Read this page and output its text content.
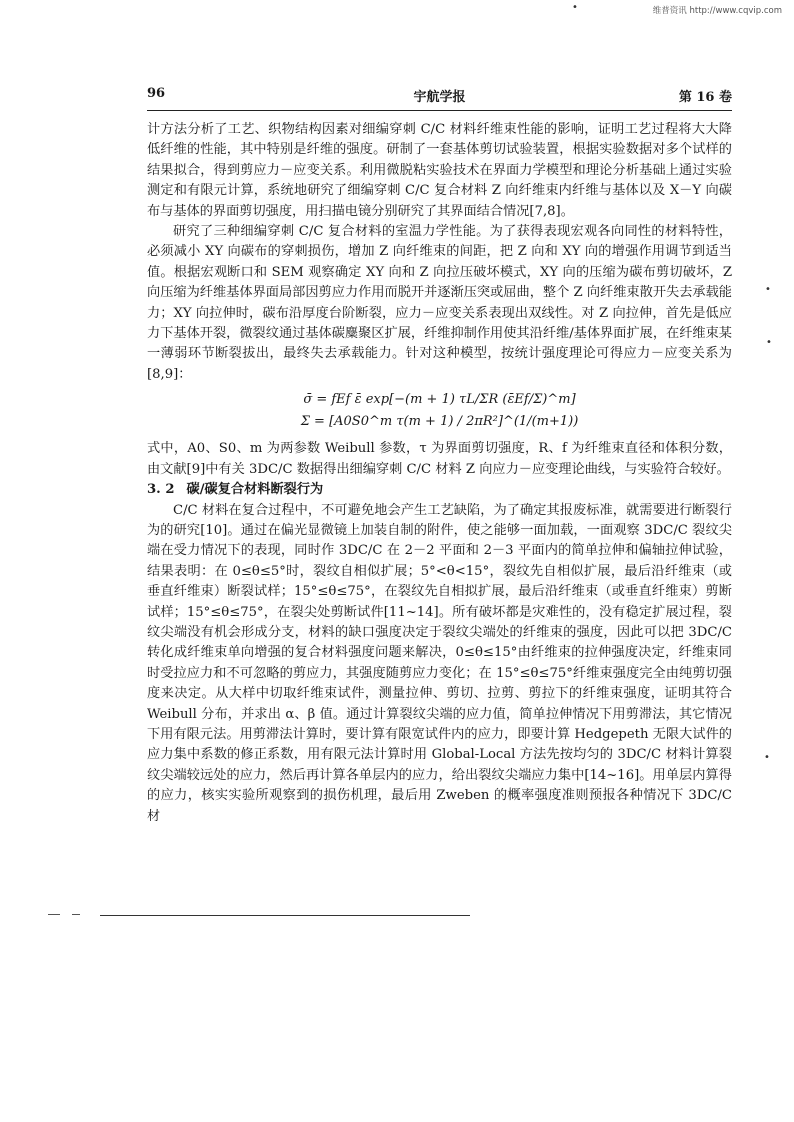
维普资讯 http://www.cqvip.com
宇航学报
96	第 16 卷

计方法分析了工艺、织物结构因素对细编穿刺 C/C 材料纤维束性能的影响，证明工艺过程将大大降低纤维的性能，其中特别是纤维的强度。研制了一套基体剪切试验装置，根据实验数据对多个试样的结果拟合，得到剪应力－应变关系。利用微脱粘实验技术在界面力学模型和理论分析基础上通过实验测定和有限元计算，系统地研究了细编穿刺 C/C 复合材料 Z 向纤维束内纤维与基体以及 X－Y 向碳布与基体的界面剪切强度，用扫描电镜分别研究了其界面结合情况[7,8]。

研究了三种细编穿刺 C/C 复合材料的室温力学性能。为了获得表现宏观各向同性的材料特性，必须减小 XY 向碳布的穿刺损伤，增加 Z 向纤维束的间距，把 Z 向和 XY 向的增强作用调节到适当值。根据宏观断口和 SEM 观察确定 XY 向和 Z 向拉压破坏模式，XY 向的压缩为碳布剪切破坏，Z 向压缩为纤维基体界面局部因剪应力作用而脱开并逐渐压突或屈曲，整个 Z 向纤维束散开失去承载能力；XY 向拉伸时，碳布沿厚度台阶断裂，应力－应变关系表现出双线性。对 Z 向拉伸，首先是低应力下基体开裂，微裂纹通过基体碳麋聚区扩展，纤维抑制作用使其沿纤维/基体界面扩展，在纤维束某一薄弱环节断裂拔出，最终失去承载能力。针对这种模型，按统计强度理论可得应力－应变关系为[8,9]：

σ̄ = fEf ε̄ exp[−(m + 1) τL/ΣR (ε̄Ef/Σ)^m]

Σ = [A0S0^m τ(m + 1) / 2πR²]^(1/(m+1))

式中，A0、S0、m 为两参数 Weibull 参数，τ 为界面剪切强度，R、f 为纤维束直径和体积分数，由文献[9]中有关 3DC/C 数据得出细编穿刺 C/C 材料 Z 向应力－应变理论曲线，与实验符合较好。

3. 2 碳/碳复合材料断裂行为

C/C 材料在复合过程中，不可避免地会产生工艺缺陷，为了确定其报废标准，就需要进行断裂行为的研究[10]。通过在偏光显微镜上加装自制的附件，使之能够一面加载，一面观察 3DC/C 裂纹尖端在受力情况下的表现，同时作 3DC/C 在 2－2 平面和 2－3 平面内的简单拉伸和偏轴拉伸试验，结果表明：在 0≤θ≤5°时，裂纹自相似扩展；5°<θ<15°，裂纹先自相似扩展，最后沿纤维束（或垂直纤维束）断裂试样；15°≤θ≤75°，在裂纹先自相拟扩展，最后沿纤维束（或垂直纤维束）剪断试样；15°≤θ≤75°，在裂尖处剪断试件[11~14]。所有破坏都是灾难性的，没有稳定扩展过程，裂纹尖端没有机会形成分支，材料的缺口强度决定于裂纹尖端处的纤维束的强度，因此可以把 3DC/C 转化成纤维束单向增强的复合材料强度问题来解决，0≤θ≤15°由纤维束的拉伸强度决定，纤维束同时受拉应力和不可忽略的剪应力，其强度随剪应力变化；在 15°≤θ≤75°纤维束强度完全由纯剪切强度来决定。从大样中切取纤维束试件，测量拉伸、剪切、拉剪、剪拉下的纤维束强度，证明其符合 Weibull 分布，并求出 α、β 值。通过计算裂纹尖端的应力值，简单拉伸情况下用剪滞法，其它情况下用有限元法。用剪滞法计算时，要计算有限宽试件内的应力，即要计算 Hedgepeth 无限大试件的应力集中系数的修正系数，用有限元法计算时用 Global-Local 方法先按均匀的 3DC/C 材料计算裂纹尖端较远处的应力，然后再计算各单层内的应力，给出裂纹尖端应力集中[14~16]。用单层内算得的应力，核实实验所观察到的损伤机理，最后用 Zweben 的概率强度准则预报各种情况下 3DC/C 材

•
•
•
•
